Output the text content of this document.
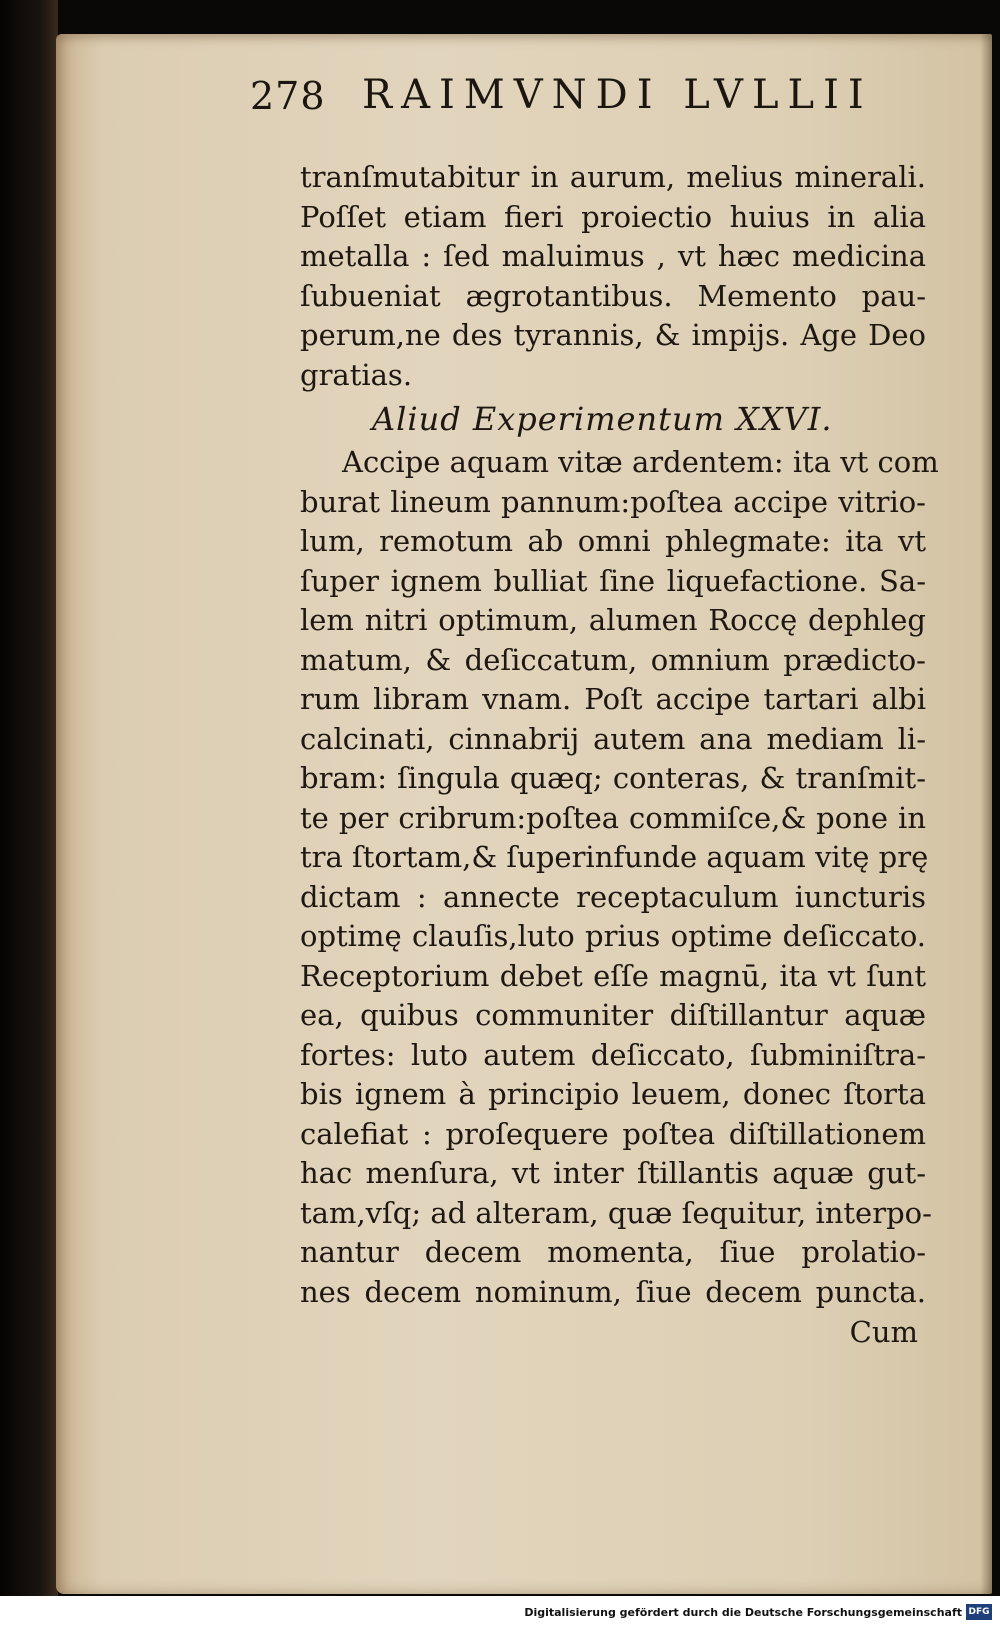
278 RAIMVNDI LVLLII
tranſmutabitur in aurum, melius minerali.
Poſſet etiam fieri proiectio huius in alia
metalla : ſed maluimus , vt hæc medicina
ſubueniat ægrotantibus. Memento pau-
perum,ne des tyrannis, & impijs. Age Deo
gratias.
Aliud Experimentum XXVI.
Accipe aquam vitæ ardentem: ita vt com
burat lineum pannum:poſtea accipe vitrio-
lum, remotum ab omni phlegmate: ita vt
ſuper ignem bulliat ſine liquefactione. Sa-
lem nitri optimum, alumen Roccę dephleg
matum, & deſiccatum, omnium prædicto-
rum libram vnam. Poſt accipe tartari albi
calcinati, cinnabrij autem ana mediam li-
bram: ſingula quæq; conteras, & tranſmit-
te per cribrum:poſtea commiſce,& pone in
tra ſtortam,& ſuperinfunde aquam vitę prę
dictam : annecte receptaculum iuncturis
optimę clauſis,luto prius optime deſiccato.
Receptorium debet eſſe magnū, ita vt ſunt
ea, quibus communiter diſtillantur aquæ
fortes: luto autem deſiccato, ſubminiſtra-
bis ignem à principio leuem, donec ſtorta
calefiat : proſequere poſtea diſtillationem
hac menſura, vt inter ſtillantis aquæ gut-
tam,vſq; ad alteram, quæ ſequitur, interpo-
nantur decem momenta, ſiue prolatio-
nes decem nominum, ſiue decem puncta.
Cum
Digitalisierung gefördert durch die Deutsche Forschungsgemeinschaft DFG
